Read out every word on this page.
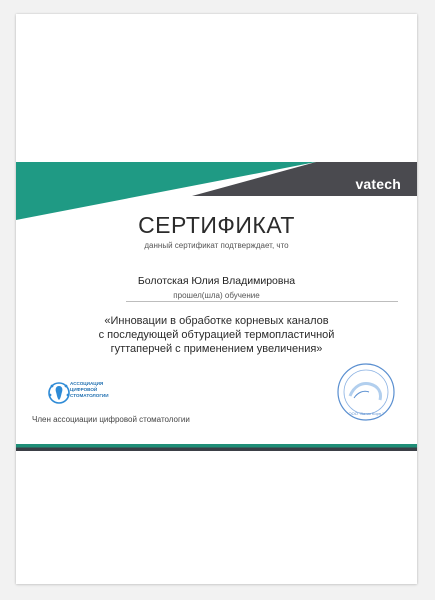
vatech
СЕРТИФИКАТ
данный сертификат подтверждает, что
Болотская Юлия Владимировна
прошел(шла) обучение
«Инновации в обработке корневых каналов
с последующей обтурацией термопластичной
гуттаперчей с применением увеличения»
АССОЦИАЦИЯ
ЦИФРОВОЙ
СТОМАТОЛОГИИ
Член ассоциации цифровой стоматологии
ООО "Ватек Корп."
